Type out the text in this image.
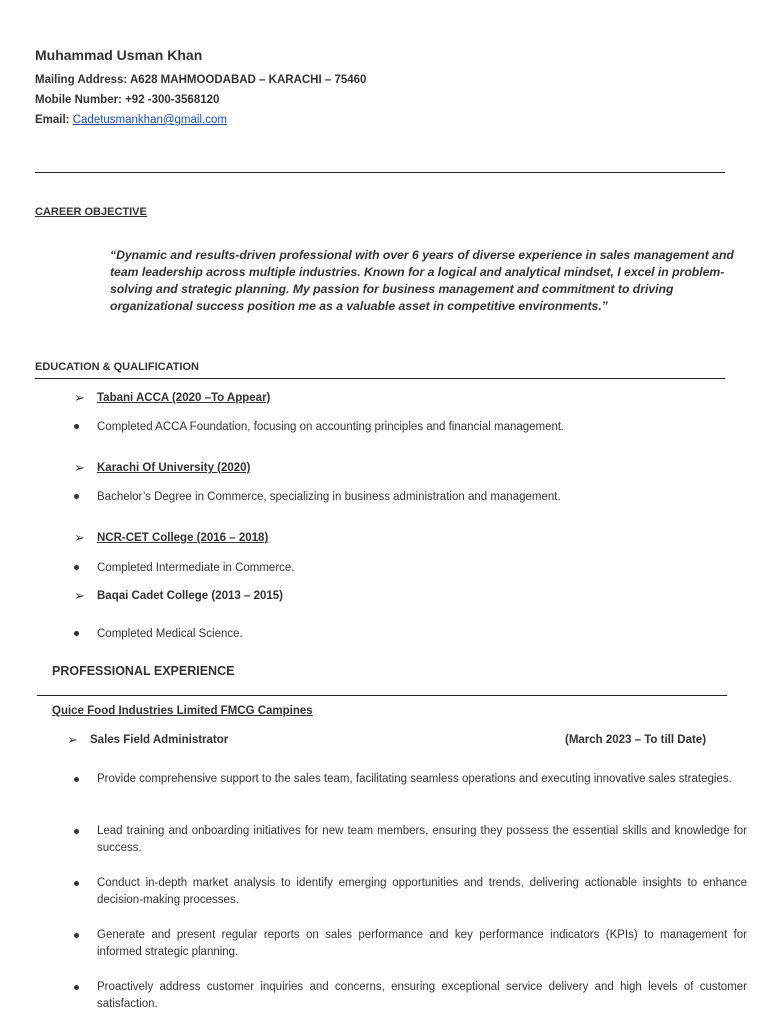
Muhammad Usman Khan
Mailing Address: A628 MAHMOODABAD – KARACHI – 75460
Mobile Number: +92 -300-3568120
Email: Cadetusmankhan@gmail.com
CAREER OBJECTIVE
“Dynamic and results-driven professional with over 6 years of diverse experience in sales management and team leadership across multiple industries. Known for a logical and analytical mindset, I excel in problem-solving and strategic planning. My passion for business management and commitment to driving organizational success position me as a valuable asset in competitive environments.”
EDUCATION & QUALIFICATION
➢ Tabani ACCA (2020 –To Appear)
Completed ACCA Foundation, focusing on accounting principles and financial management.
➢ Karachi Of University (2020)
Bachelor’s Degree in Commerce, specializing in business administration and management.
➢ NCR-CET College (2016 – 2018)
Completed Intermediate in Commerce.
➢ Baqai Cadet College (2013 – 2015)
Completed Medical Science.
PROFESSIONAL EXPERIENCE
Quice Food Industries Limited FMCG Campines
➢ Sales Field Administrator	(March 2023 – To till Date)
Provide comprehensive support to the sales team, facilitating seamless operations and executing innovative sales strategies.
Lead training and onboarding initiatives for new team members, ensuring they possess the essential skills and knowledge for success.
Conduct in-depth market analysis to identify emerging opportunities and trends, delivering actionable insights to enhance decision-making processes.
Generate and present regular reports on sales performance and key performance indicators (KPIs) to management for informed strategic planning.
Proactively address customer inquiries and concerns, ensuring exceptional service delivery and high levels of customer satisfaction.
